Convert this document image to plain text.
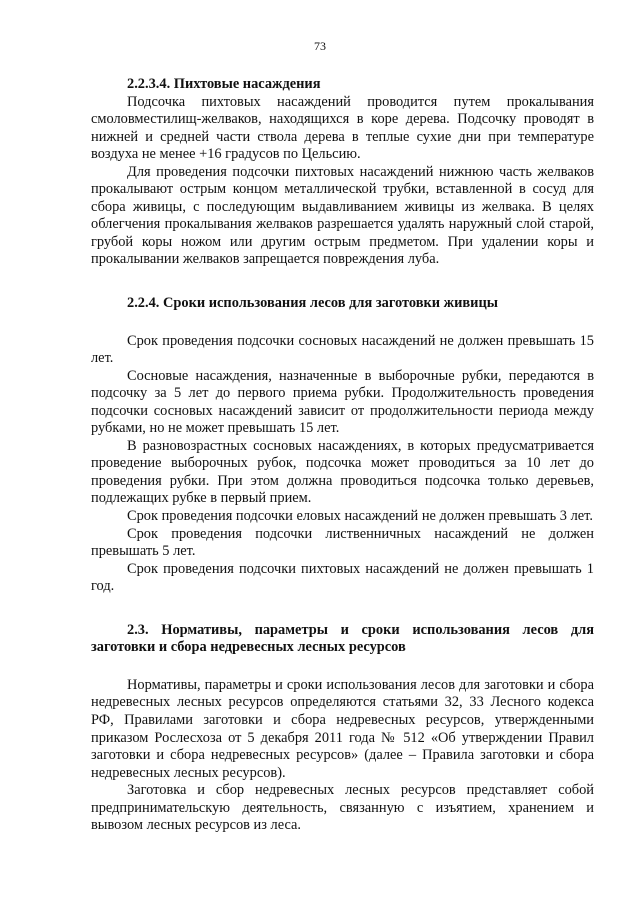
73

2.2.3.4. Пихтовые насаждения

Подсочка пихтовых насаждений проводится путем прокалывания смоловместилищ-желваков, находящихся в коре дерева. Подсочку проводят в нижней и средней части ствола дерева в теплые сухие дни при температуре воздуха не менее +16 градусов по Цельсию.

Для проведения подсочки пихтовых насаждений нижнюю часть желваков прокалывают острым концом металлической трубки, вставленной в сосуд для сбора живицы, с последующим выдавливанием живицы из желвака. В целях облегчения прокалывания желваков разрешается удалять наружный слой старой, грубой коры ножом или другим острым предметом. При удалении коры и прокалывании желваков запрещается повреждения луба.

2.2.4. Сроки использования лесов для заготовки живицы

Срок проведения подсочки сосновых насаждений не должен превышать 15 лет.

Сосновые насаждения, назначенные в выборочные рубки, передаются в подсочку за 5 лет до первого приема рубки. Продолжительность проведения подсочки сосновых насаждений зависит от продолжительности периода между рубками, но не может превышать 15 лет.

В разновозрастных сосновых насаждениях, в которых предусматривается проведение выборочных рубок, подсочка может проводиться за 10 лет до проведения рубки. При этом должна проводиться подсочка только деревьев, подлежащих рубке в первый прием.

Срок проведения подсочки еловых насаждений не должен превышать 3 лет.

Срок проведения подсочки лиственничных насаждений не должен превышать 5 лет.

Срок проведения подсочки пихтовых насаждений не должен превышать 1 год.

2.3. Нормативы, параметры и сроки использования лесов для заготовки и сбора недревесных лесных ресурсов

Нормативы, параметры и сроки использования лесов для заготовки и сбора недревесных лесных ресурсов определяются статьями 32, 33 Лесного кодекса РФ, Правилами заготовки и сбора недревесных ресурсов, утвержденными приказом Рослесхоза от 5 декабря 2011 года № 512 «Об утверждении Правил заготовки и сбора недревесных ресурсов» (далее – Правила заготовки и сбора недревесных лесных ресурсов).

Заготовка и сбор недревесных лесных ресурсов представляет собой предпринимательскую деятельность, связанную с изъятием, хранением и вывозом лесных ресурсов из леса.
